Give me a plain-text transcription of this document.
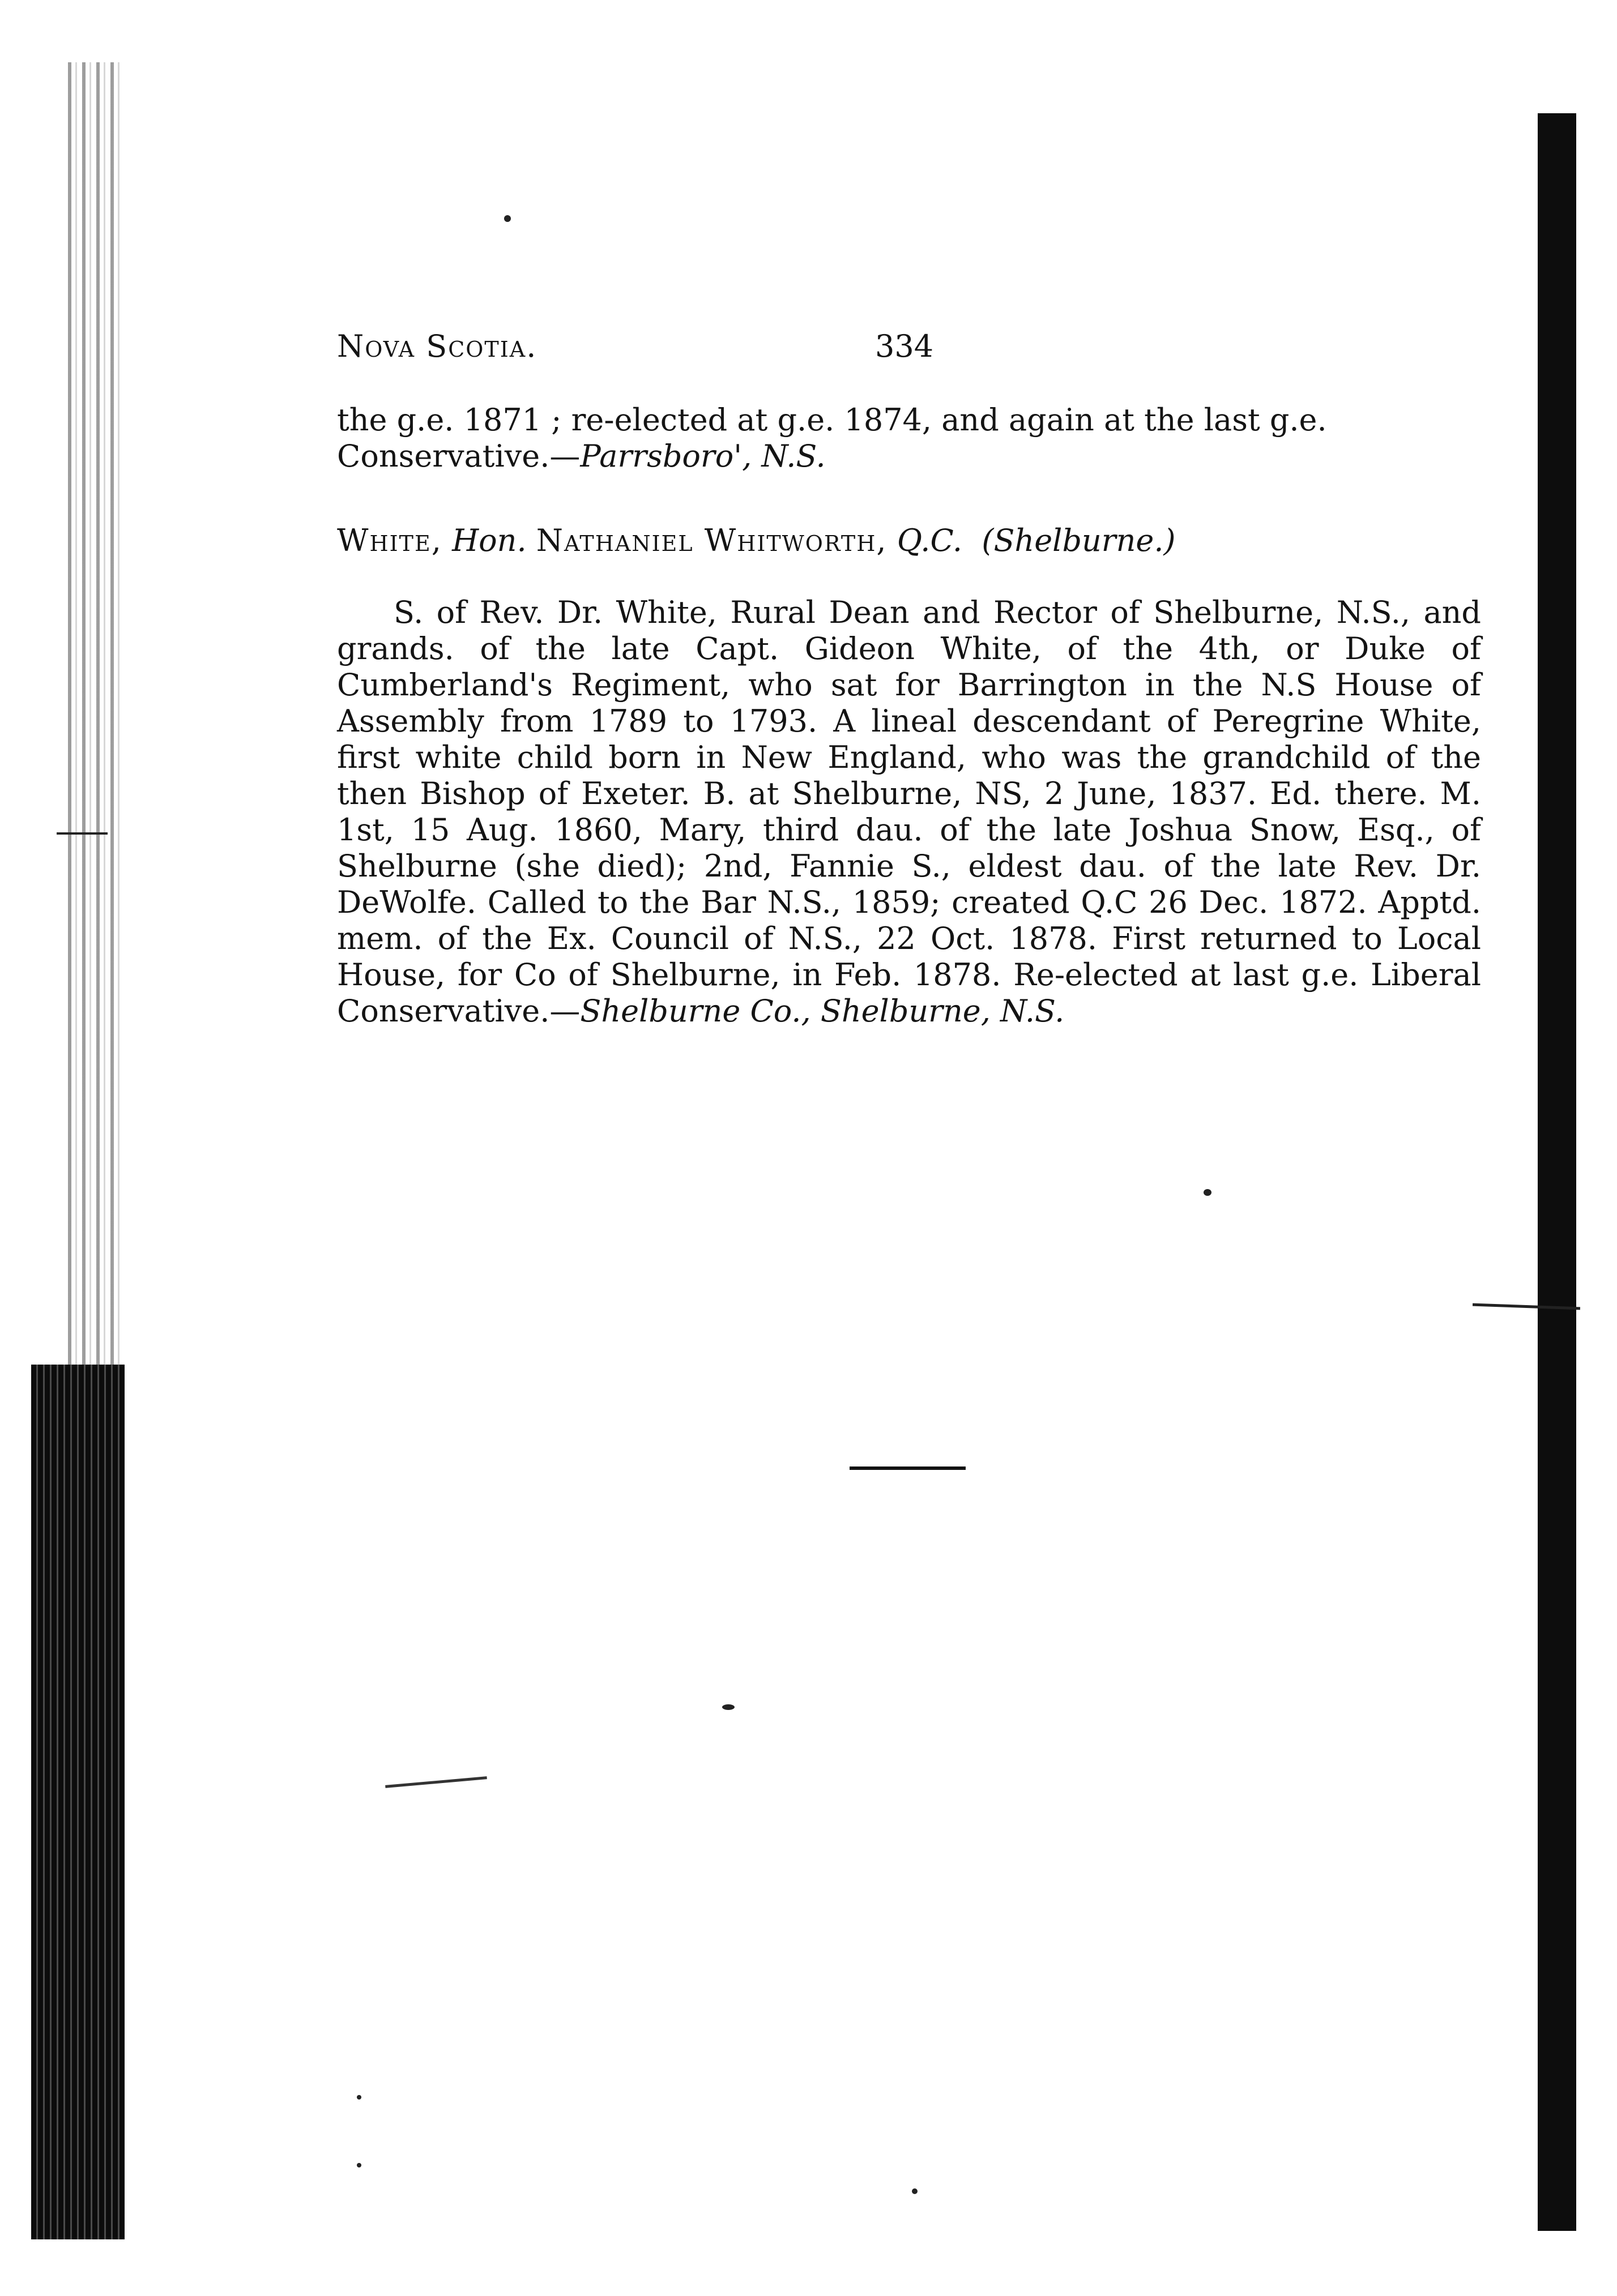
Nova Scotia.	334

the g.e. 1871 ; re-elected at g.e. 1874, and again at the last g.e.

Conservative.—Parrsboro', N.S.

White, Hon. Nathaniel Whitworth, Q.C. (Shelburne.)

S. of Rev. Dr. White, Rural Dean and Rector of Shelburne, N.S., and grands. of the late Capt. Gideon White, of the 4th, or Duke of Cumberland's Regiment, who sat for Barrington in the N.S House of Assembly from 1789 to 1793. A lineal descendant of Peregrine White, first white child born in New England, who was the grandchild of the then Bishop of Exeter. B. at Shelburne, NS, 2 June, 1837. Ed. there. M. 1st, 15 Aug. 1860, Mary, third dau. of the late Joshua Snow, Esq., of Shelburne (she died); 2nd, Fannie S., eldest dau. of the late Rev. Dr. DeWolfe. Called to the Bar N.S., 1859; created Q.C 26 Dec. 1872. Apptd. mem. of the Ex. Council of N.S., 22 Oct. 1878. First returned to Local House, for Co of Shelburne, in Feb. 1878. Re-elected at last g.e. Liberal Conservative.—Shelburne Co., Shelburne, N.S.
